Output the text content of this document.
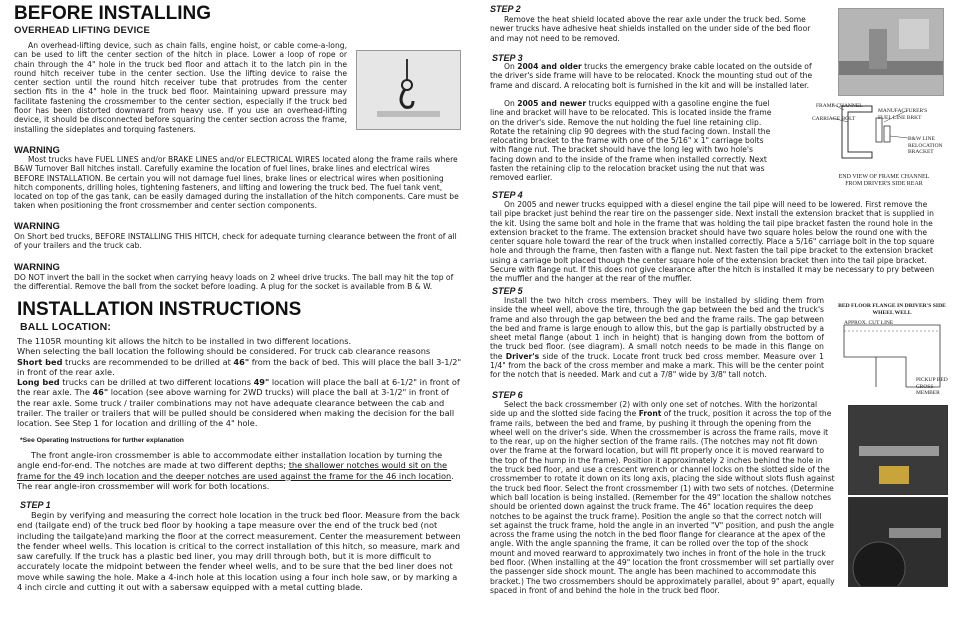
BEFORE INSTALLING
OVERHEAD LIFTING DEVICE

An overhead-lifting device, such as chain falls, engine hoist, or cable come-a-long, can be used to lift the center section of the hitch in place. Lower a loop of rope or chain through the 4" hole in the truck bed floor and attach it to the latch pin in the round hitch receiver tube in the center section. Use the lifting device to raise the center section until the round hitch receiver tube that protrudes from the center section fits in the 4" hole in the truck bed floor. Maintaining upward pressure may facilitate fastening the crossmember to the center section, especially if the truck bed floor has been distorted downward from heavy use. If you use an overhead-lifting device, it should be disconnected before squaring the center section across the frame, installing the sideplates and torquing fasteners.

WARNING

Most trucks have FUEL LINES and/or BRAKE LINES and/or ELECTRICAL WIRES located along the frame rails where B&W Turnover Ball hitches install. Carefully examine the location of fuel lines, brake lines and electrical wires BEFORE INSTALLATION. Be certain you will not damage fuel lines, brake lines or electrical wires when positioning hitch components, drilling holes, tightening fasteners, and lifting and lowering the truck bed. The fuel tank vent, located on top of the gas tank, can be easily damaged during the installation of the hitch components. Care must be taken when positioning the front crossmember and center section components.

WARNING

On Short bed trucks, BEFORE INSTALLING THIS HITCH, check for adequate turning clearance between the front of all of your trailers and the truck cab.

WARNING

DO NOT invert the ball in the socket when carrying heavy loads on 2 wheel drive trucks. The ball may hit the top of the differential. Remove the ball from the socket before loading. A plug for the socket is available from B & W.

INSTALLATION INSTRUCTIONS
BALL LOCATION:

The 1105R mounting kit allows the hitch to be installed in two different locations.

When selecting the ball location the following should be considered. For truck cab clearance reasons

Short bed trucks are recommended to be drilled at 46" from the back of bed. This will place the ball 3-1/2" in front of the rear axle.

Long bed trucks can be drilled at two different locations 49" location will place the ball at 6-1/2" in front of the rear axle. The 46" location (see above warning for 2WD trucks) will place the ball at 3-1/2" in front of the rear axle. Some truck / trailer combinations may not have adequate clearance between the cab and trailer. The trailer or trailers that will be pulled should be considered when making the decision for the ball location. See Step 1 for location and drilling of the 4" hole.

*See Operating Instructions for further explanation

The front angle-iron crossmember is able to accommodate either installation location by turning the angle end-for-end. The notches are made at two different depths; the shallower notches would sit on the frame for the 49 inch location and the deeper notches are used against the frame for the 46 inch location. The rear angle-iron crossmember will work for both locations.

STEP 1

Begin by verifying and measuring the correct hole location in the truck bed floor. Measure from the back end (tailgate end) of the truck bed floor by hooking a tape measure over the end of the truck bed (not including the tailgate)and marking the floor at the correct measurement. Center the measurement between the fender wheel wells. This location is critical to the correct installation of this hitch, so measure, mark and saw carefully. If the truck has a plastic bed liner, you may drill through both, but it is more difficult to accurately locate the midpoint between the fender wheel wells, and to be sure that the bed liner does not move while sawing the hole. Make a 4-inch hole at this location using a four inch hole saw, or by marking a 4 inch circle and cutting it out with a sabersaw equipped with a metal cutting blade.

STEP 2

Remove the heat shield located above the rear axle under the truck bed. Some newer trucks have adhesive heat shields installed on the under side of the bed floor and may not need to be removed.

STEP 3

On 2004 and older trucks the emergency brake cable located on the outside of the driver's side frame will have to be relocated. Knock the mounting stud out of the frame and discard. A relocating bolt is furnished in the kit and will be installed later.

On 2005 and newer trucks equipped with a gasoline engine the fuel line and bracket will have to be relocated. This is located inside the frame on the driver's side. Remove the nut holding the fuel line retaining clip. Rotate the retaining clip 90 degrees with the stud facing down. Install the relocating bracket to the frame with one of the 5/16" x 1" carriage bolts with flange nut. The bracket should have the long leg with two hole's facing down and to the inside of the frame when installed correctly. Next fasten the retaining clip to the relocation bracket using the nut that was removed earlier.

FRAME CHANNEL
CARRIAGE BOLT
MANUFACTURER'S FUEL LINE BRKT
B&W LINE RELOCATION BRACKET
END VIEW OF FRAME CHANNEL FROM DRIVER'S SIDE REAR
STEP 4

On 2005 and newer trucks equipped with a diesel engine the tail pipe will need to be lowered. First remove the tail pipe bracket just behind the rear tire on the passenger side. Next install the extension bracket that is supplied in the kit. Using the same bolt and hole in the frame that was holding the tail pipe bracket fasten the round hole in the extension bracket to the frame. The extension bracket should have two square holes below the round one with the center square hole toward the rear of the truck when installed correctly. Place a 5/16" carriage bolt in the top square hole and through the frame, then fasten with a flange nut. Next fasten the tail pipe bracket to the extension bracket using a carriage bolt placed though the center square hole of the extension bracket then into the tail pipe bracket. Secure with flange nut. If this does not give clearance after the hitch is installed it may be necessary to pry between the muffler and the hanger at the rear of the muffler.

STEP 5

Install the two hitch cross members. They will be installed by sliding them from inside the wheel well, above the tire, through the gap between the bed and the truck's frame and also through the gap between the bed and the frame rails. The gap between the bed and frame is large enough to allow this, but the gap is partially obstructed by a sheet metal flange (about 1 inch in height) that is hanging down from the bottom of the truck bed floor. (see diagram). A small notch needs to be made in this flange on the Driver's side of the truck. Locate front truck bed cross member. Measure over 1 1/4" from the back of the cross member and make a mark. This will be the center point for the notch that is needed. Mark and cut a 7/8" wide by 3/8" tall notch.

BED FLOOR FLANGE IN DRIVER'S SIDE WHEEL WELL
APPROX. CUT LINE
PICKUP BED CROSS MEMBER
STEP 6

Select the back crossmember (2) with only one set of notches. With the horizontal side up and the slotted side facing the Front of the truck, position it across the top of the frame rails, between the bed and frame, by pushing it through the opening from the wheel well on the driver's side. When the crossmember is across the frame rails, move it to the rear, up on the higher section of the frame rails. (The notches may not fit down over the frame at the forward location, but will fit properly once it is moved rearward to the top of the hump in the frame). Position it approximately 2 inches behind the hole in the truck bed floor, and use a crescent wrench or channel locks on the slotted side of the crossmember to rotate it down on its long axis, placing the side without slots flush against the truck bed floor. Select the front crossmember (1) with two sets of notches. (Determine which ball location is being installed. (Remember for the 49" location the shallow notches should be oriented down against the truck frame. The 46" location requires the deep notches to be against the truck frame). Position the angle so that the correct notch will set against the truck frame, hold the angle in an inverted "V" position, and push the angle across the frame using the notch in the bed floor flange for clearance at the apex of the angle. With the angle spanning the frame, it can be rolled over the top of the shock mount and moved rearward to approximately two inches in front of the hole in the truck bed floor. (When installing at the 49" location the front crossmember will set partially over the passenger side shock mount. The angle has been machined to accommodate this bracket.) The two crossmembers should be approximately parallel, about 9" apart, equally spaced in front of and behind the hole in the truck bed floor.
